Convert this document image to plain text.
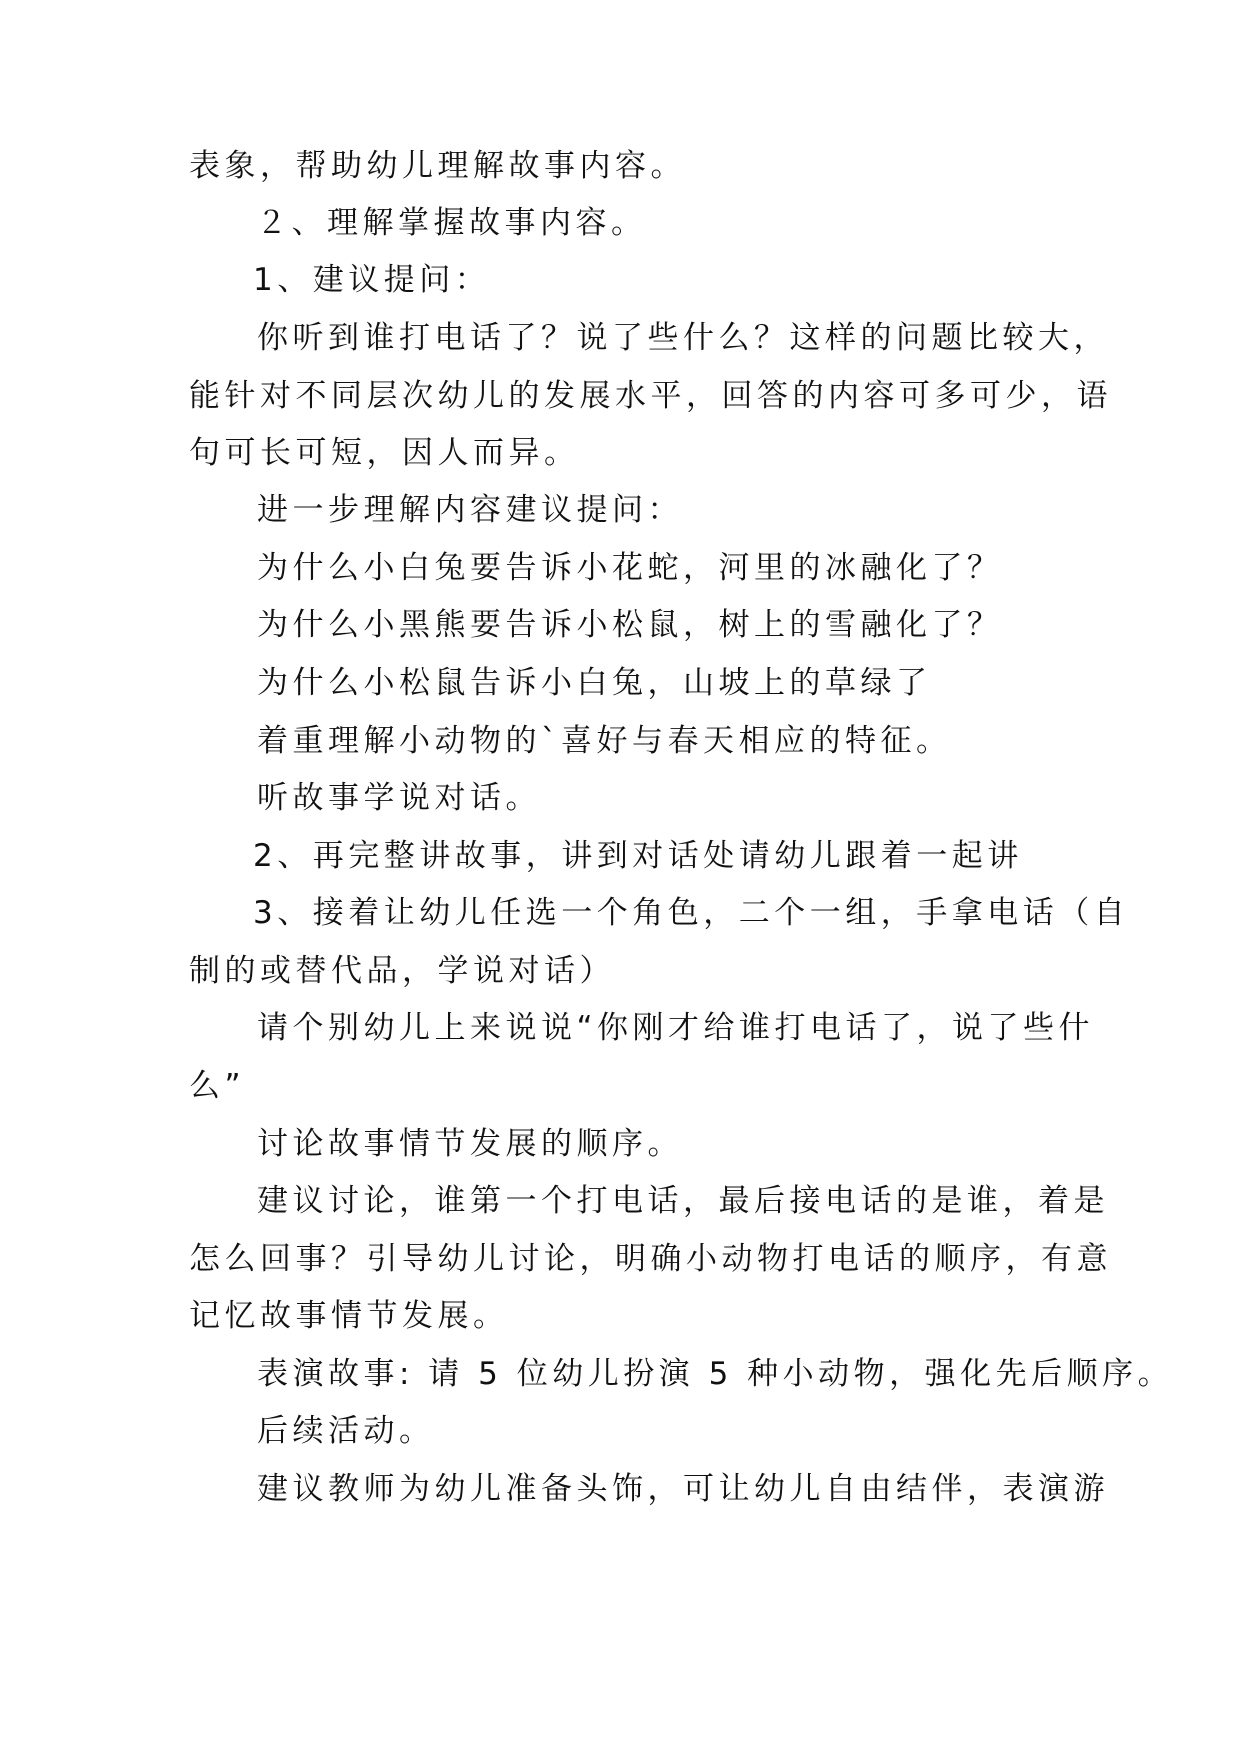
表象，帮助幼儿理解故事内容。
２、理解掌握故事内容。
1、建议提问：
你听到谁打电话了？说了些什么？这样的问题比较大，
能针对不同层次幼儿的发展水平，回答的内容可多可少，语
句可长可短，因人而异。
进一步理解内容建议提问：
为什么小白兔要告诉小花蛇，河里的冰融化了？
为什么小黑熊要告诉小松鼠，树上的雪融化了？
为什么小松鼠告诉小白兔，山坡上的草绿了
着重理解小动物的`喜好与春天相应的特征。
听故事学说对话。
2、再完整讲故事，讲到对话处请幼儿跟着一起讲
3、接着让幼儿任选一个角色，二个一组，手拿电话（自
制的或替代品，学说对话）
请个别幼儿上来说说“你刚才给谁打电话了，说了些什
么”
讨论故事情节发展的顺序。
建议讨论，谁第一个打电话，最后接电话的是谁，着是
怎么回事？引导幼儿讨论，明确小动物打电话的顺序，有意
记忆故事情节发展。
表演故事: 请 5 位幼儿扮演 5 种小动物，强化先后顺序。
后续活动。
建议教师为幼儿准备头饰，可让幼儿自由结伴，表演游
